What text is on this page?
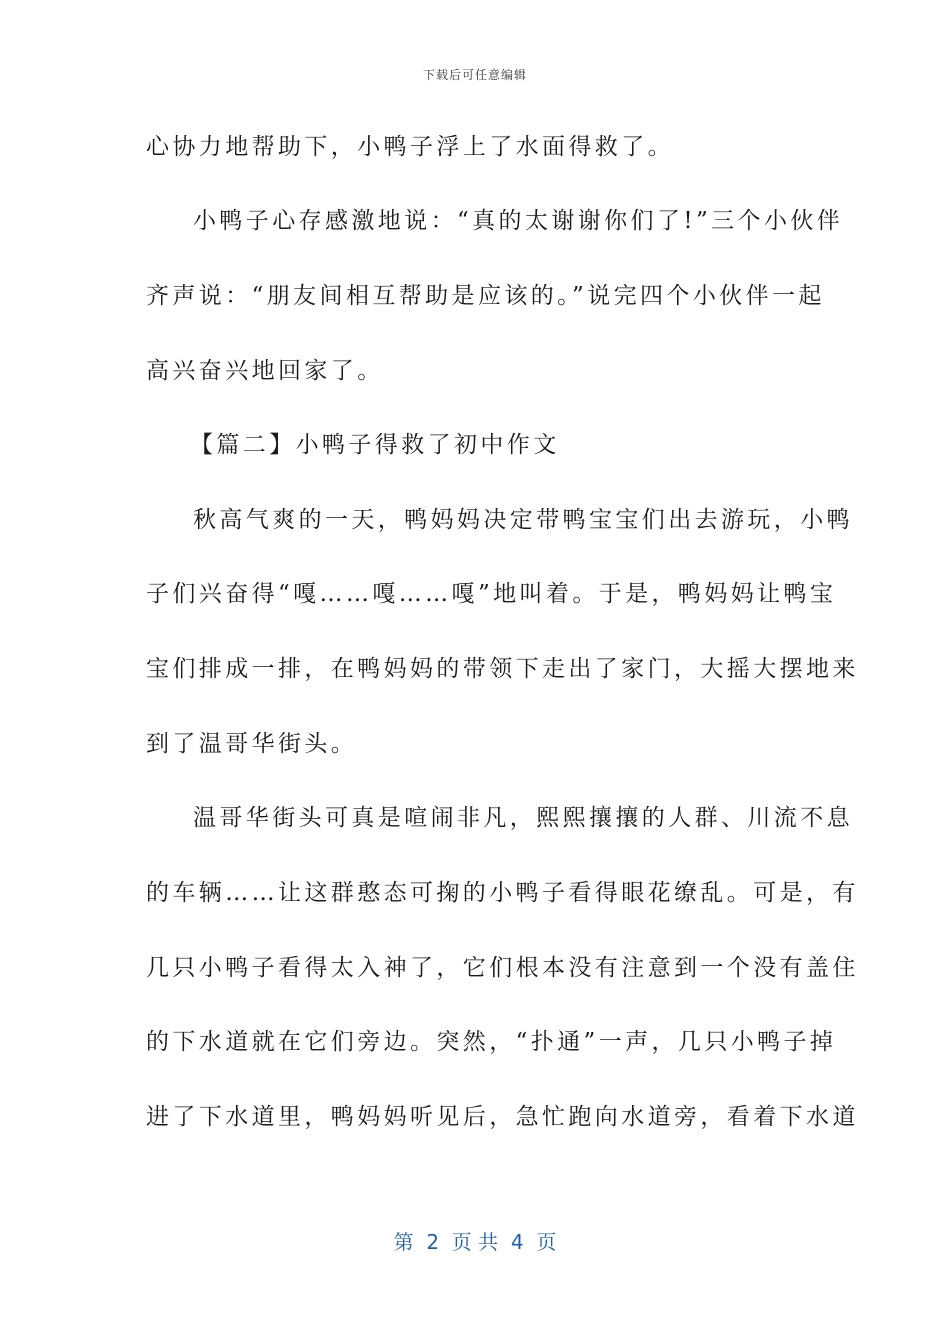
下载后可任意编辑
心协力地帮助下，小鸭子浮上了水面得救了。
小鸭子心存感激地说：“真的太谢谢你们了!”三个小伙伴
齐声说：“朋友间相互帮助是应该的。”说完四个小伙伴一起
高兴奋兴地回家了。
【篇二】小鸭子得救了初中作文
秋高气爽的一天，鸭妈妈决定带鸭宝宝们出去游玩，小鸭
子们兴奋得“嘎……嘎……嘎”地叫着。于是，鸭妈妈让鸭宝
宝们排成一排，在鸭妈妈的带领下走出了家门，大摇大摆地来
到了温哥华街头。
温哥华街头可真是喧闹非凡，熙熙攘攘的人群、川流不息
的车辆……让这群憨态可掬的小鸭子看得眼花缭乱。可是，有
几只小鸭子看得太入神了，它们根本没有注意到一个没有盖住
的下水道就在它们旁边。突然，“扑通”一声，几只小鸭子掉
进了下水道里，鸭妈妈听见后，急忙跑向水道旁，看着下水道
第  2  页 共  4  页
